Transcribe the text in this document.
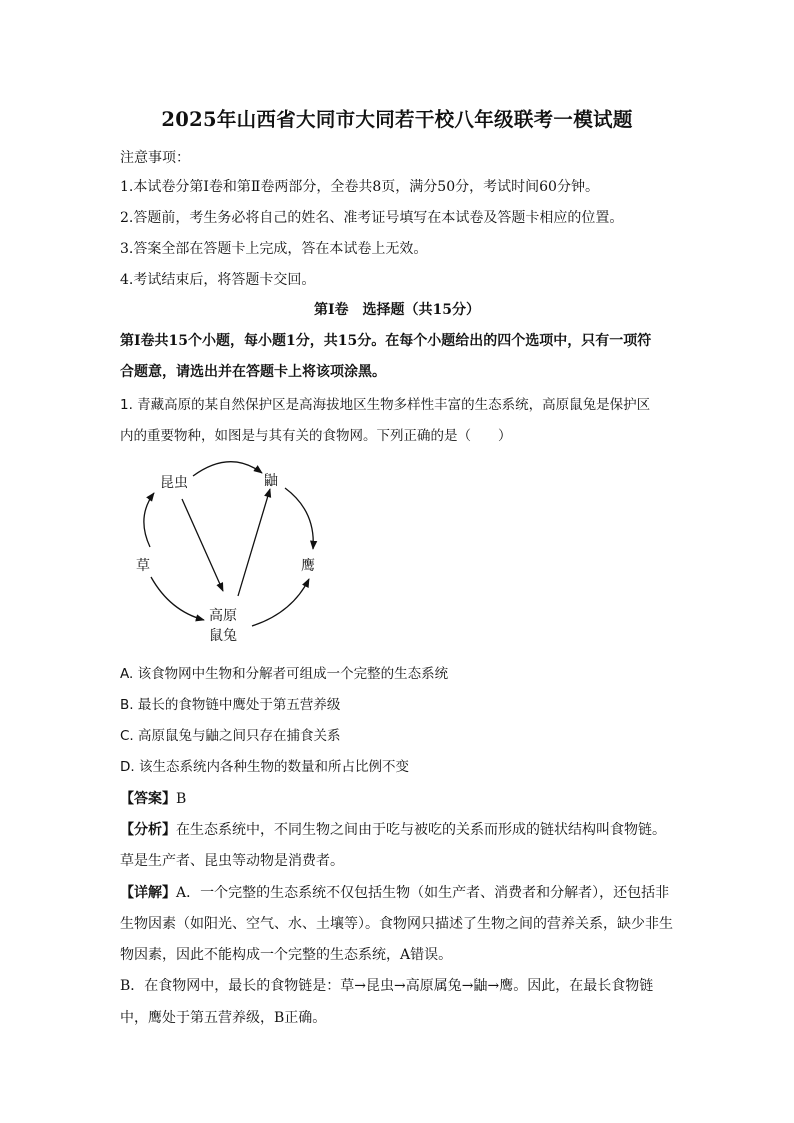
2025年山西省大同市大同若干校八年级联考一模试题
注意事项：
1.本试卷分第Ⅰ卷和第Ⅱ卷两部分，全卷共8页，满分50分，考试时间60分钟。
2.答题前，考生务必将自己的姓名、准考证号填写在本试卷及答题卡相应的位置。
3.答案全部在答题卡上完成，答在本试卷上无效。
4.考试结束后，将答题卡交回。
第Ⅰ卷　选择题（共15分）
第Ⅰ卷共15个小题，每小题1分，共15分。在每个小题给出的四个选项中，只有一项符
合题意，请选出并在答题卡上将该项涂黑。
1. 青藏高原的某自然保护区是高海拔地区生物多样性丰富的生态系统，高原鼠兔是保护区
内的重要物种，如图是与其有关的食物网。下列正确的是（　　）
昆虫	鼬
草	鹰
高原
鼠兔
A. 该食物网中生物和分解者可组成一个完整的生态系统
B. 最长的食物链中鹰处于第五营养级
C. 高原鼠兔与鼬之间只存在捕食关系
D. 该生态系统内各种生物的数量和所占比例不变
【答案】B
【分析】在生态系统中，不同生物之间由于吃与被吃的关系而形成的链状结构叫食物链。
草是生产者、昆虫等动物是消费者。
【详解】A．一个完整的生态系统不仅包括生物（如生产者、消费者和分解者），还包括非
生物因素（如阳光、空气、水、土壤等）。食物网只描述了生物之间的营养关系，缺少非生
物因素，因此不能构成一个完整的生态系统，A错误。
B．在食物网中，最长的食物链是：草→昆虫→高原属兔→鼬→鹰。因此，在最长食物链
中，鹰处于第五营养级，B正确。
